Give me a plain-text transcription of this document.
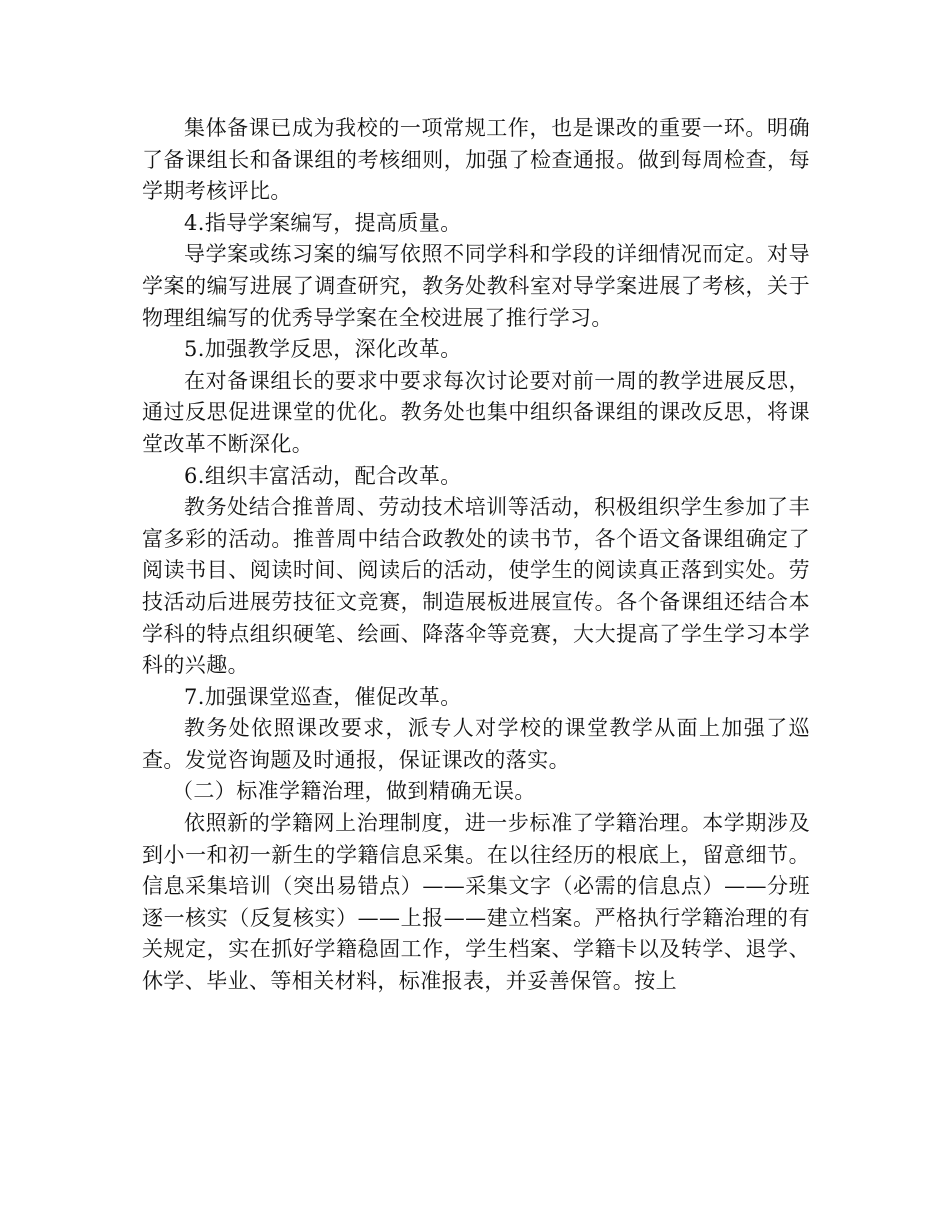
集体备课已成为我校的一项常规工作，也是课改的重要一环。明确了备课组长和备课组的考核细则，加强了检查通报。做到每周检查，每学期考核评比。

4.指导学案编写，提高质量。

导学案或练习案的编写依照不同学科和学段的详细情况而定。对导学案的编写进展了调查研究，教务处教科室对导学案进展了考核，关于物理组编写的优秀导学案在全校进展了推行学习。

5.加强教学反思，深化改革。

在对备课组长的要求中要求每次讨论要对前一周的教学进展反思，通过反思促进课堂的优化。教务处也集中组织备课组的课改反思，将课堂改革不断深化。

6.组织丰富活动，配合改革。

教务处结合推普周、劳动技术培训等活动，积极组织学生参加了丰富多彩的活动。推普周中结合政教处的读书节，各个语文备课组确定了阅读书目、阅读时间、阅读后的活动，使学生的阅读真正落到实处。劳技活动后进展劳技征文竞赛，制造展板进展宣传。各个备课组还结合本学科的特点组织硬笔、绘画、降落伞等竞赛，大大提高了学生学习本学科的兴趣。

7.加强课堂巡查，催促改革。

教务处依照课改要求，派专人对学校的课堂教学从面上加强了巡查。发觉咨询题及时通报，保证课改的落实。

（二）标准学籍治理，做到精确无误。

依照新的学籍网上治理制度，进一步标准了学籍治理。本学期涉及到小一和初一新生的学籍信息采集。在以往经历的根底上，留意细节。信息采集培训（突出易错点）——采集文字（必需的信息点）——分班逐一核实（反复核实）——上报——建立档案。严格执行学籍治理的有关规定，实在抓好学籍稳固工作，学生档案、学籍卡以及转学、退学、休学、毕业、等相关材料，标准报表，并妥善保管。按上
